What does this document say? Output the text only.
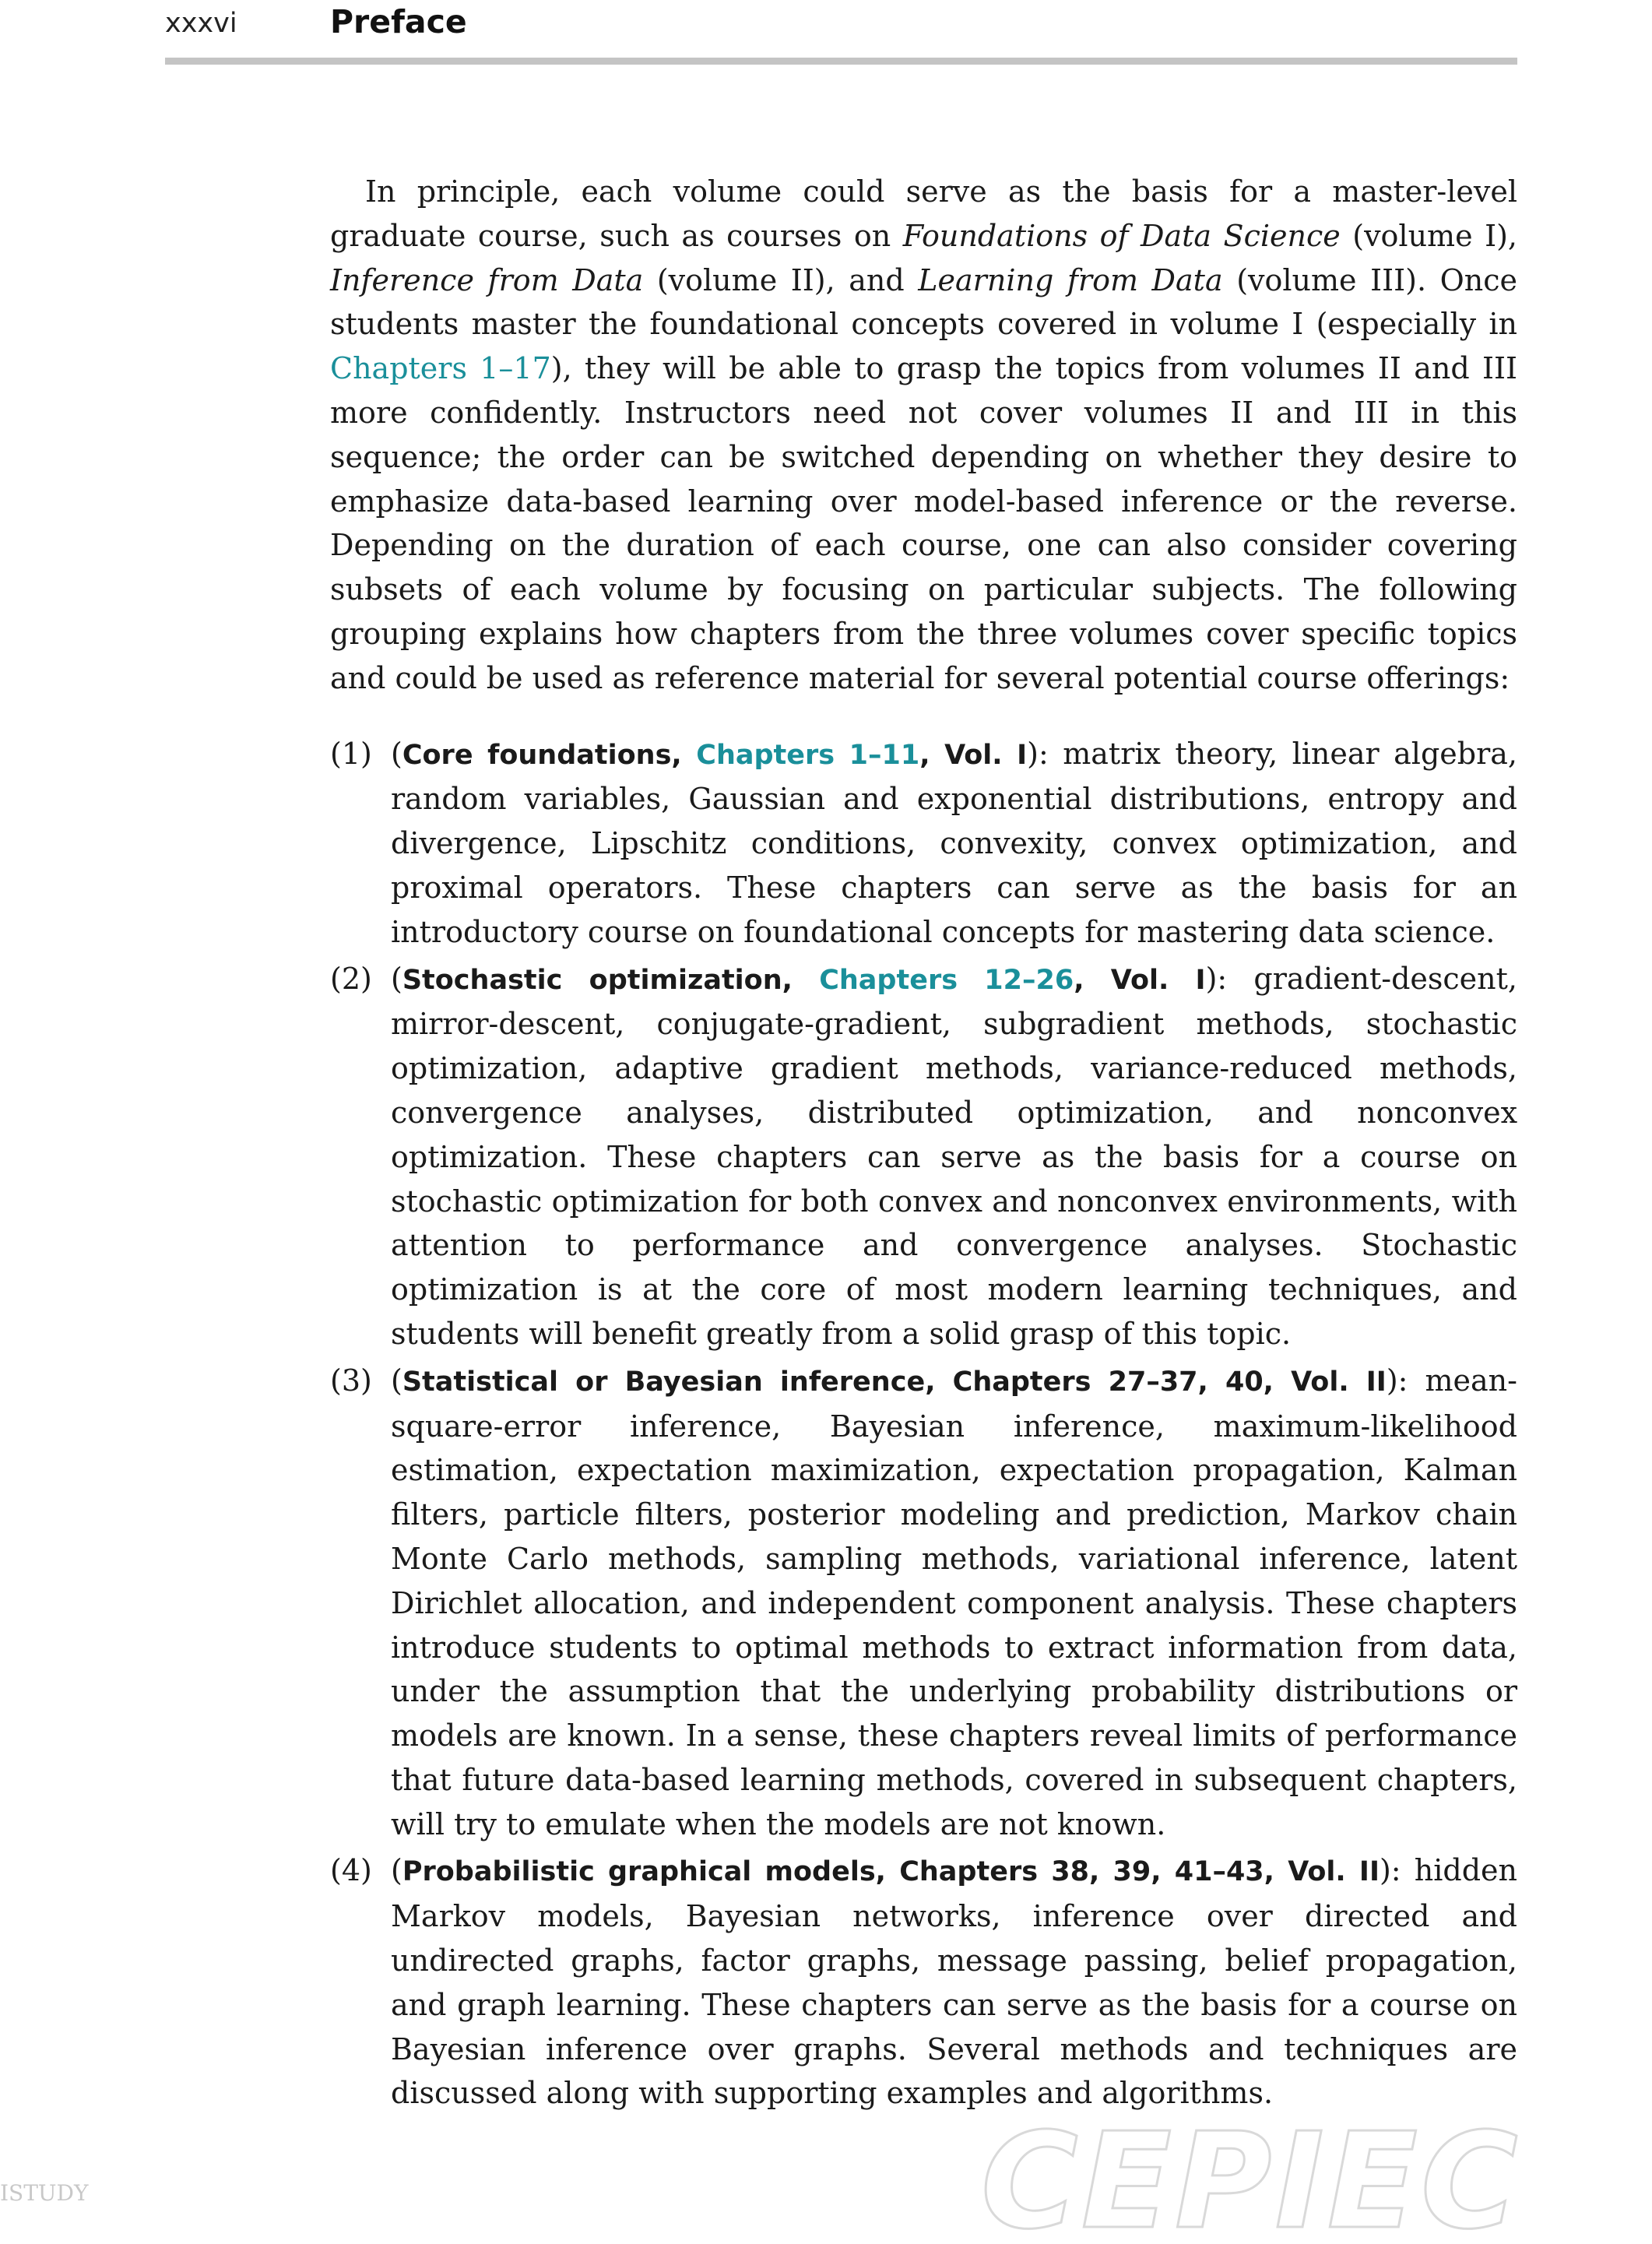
xxxvi	Preface

In principle, each volume could serve as the basis for a master-level graduate course, such as courses on Foundations of Data Science (volume I), Inference from Data (volume II), and Learning from Data (volume III). Once students master the foundational concepts covered in volume I (especially in Chapters 1–17), they will be able to grasp the topics from volumes II and III more confidently. Instructors need not cover volumes II and III in this sequence; the order can be switched depending on whether they desire to emphasize data-based learning over model-based inference or the reverse. Depending on the duration of each course, one can also consider covering subsets of each volume by focusing on particular subjects. The following grouping explains how chapters from the three volumes cover specific topics and could be used as reference material for several potential course offerings:

(1) (Core foundations, Chapters 1–11, Vol. I): matrix theory, linear algebra, random variables, Gaussian and exponential distributions, entropy and divergence, Lipschitz conditions, convexity, convex optimization, and proximal operators. These chapters can serve as the basis for an introductory course on foundational concepts for mastering data science.
(2) (Stochastic optimization, Chapters 12–26, Vol. I): gradient-descent, mirror-descent, conjugate-gradient, subgradient methods, stochastic optimization, adaptive gradient methods, variance-reduced methods, convergence analyses, distributed optimization, and nonconvex optimization. These chapters can serve as the basis for a course on stochastic optimization for both convex and nonconvex environments, with attention to performance and convergence analyses. Stochastic optimization is at the core of most modern learning techniques, and students will benefit greatly from a solid grasp of this topic.
(3) (Statistical or Bayesian inference, Chapters 27–37, 40, Vol. II): mean-square-error inference, Bayesian inference, maximum-likelihood estimation, expectation maximization, expectation propagation, Kalman filters, particle filters, posterior modeling and prediction, Markov chain Monte Carlo methods, sampling methods, variational inference, latent Dirichlet allocation, and independent component analysis. These chapters introduce students to optimal methods to extract information from data, under the assumption that the underlying probability distributions or models are known. In a sense, these chapters reveal limits of performance that future data-based learning methods, covered in subsequent chapters, will try to emulate when the models are not known.
(4) (Probabilistic graphical models, Chapters 38, 39, 41–43, Vol. II): hidden Markov models, Bayesian networks, inference over directed and undirected graphs, factor graphs, message passing, belief propagation, and graph learning. These chapters can serve as the basis for a course on Bayesian inference over graphs. Several methods and techniques are discussed along with supporting examples and algorithms.
ISTUDY	CEPIEC
